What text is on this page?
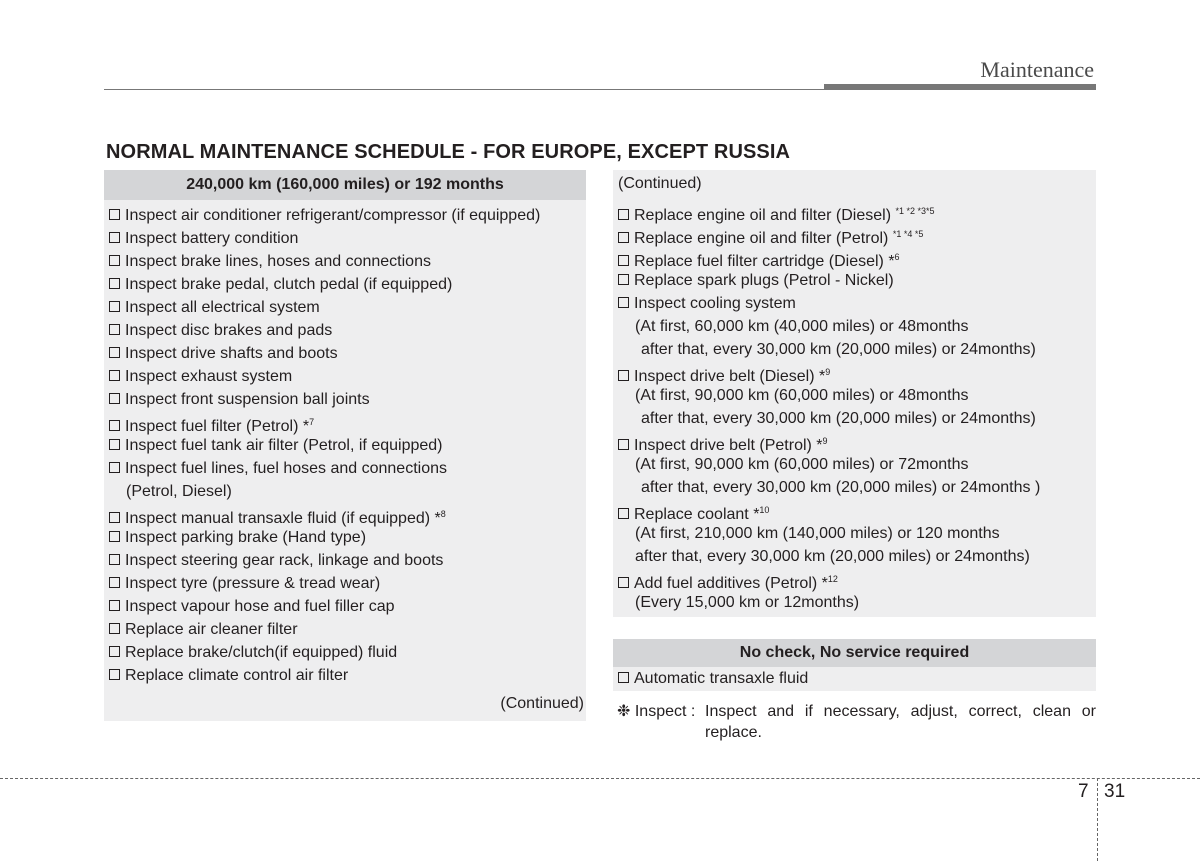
Maintenance
NORMAL MAINTENANCE SCHEDULE - FOR EUROPE, EXCEPT RUSSIA
240,000 km (160,000 miles) or 192 months
Inspect air conditioner refrigerant/compressor (if equipped)
Inspect battery condition
Inspect brake lines, hoses and connections
Inspect brake pedal, clutch pedal (if equipped)
Inspect all electrical system
Inspect disc brakes and pads
Inspect drive shafts and boots
Inspect exhaust system
Inspect front suspension ball joints
Inspect fuel filter (Petrol) *$^7$
Inspect fuel tank air filter (Petrol, if equipped)
Inspect fuel lines, fuel hoses and connections
(Petrol, Diesel)
Inspect manual transaxle fluid (if equipped) *$^8$
Inspect parking brake (Hand type)
Inspect steering gear rack, linkage and boots
Inspect tyre (pressure & tread wear)
Inspect vapour hose and fuel filler cap
Replace air cleaner filter
Replace brake/clutch(if equipped) fluid
Replace climate control air filter
(Continued)
(Continued)
Replace engine oil and filter (Diesel) $^{*1 *2 *3*5}$
Replace engine oil and filter (Petrol) $^{*1 *4 *5}$
Replace fuel filter cartridge (Diesel) *$^6$
Replace spark plugs (Petrol - Nickel)
Inspect cooling system
(At first, 60,000 km (40,000 miles) or 48months
after that, every 30,000 km (20,000 miles) or 24months)
Inspect drive belt (Diesel) *$^9$
(At first, 90,000 km (60,000 miles) or 48months
after that, every 30,000 km (20,000 miles) or 24months)
Inspect drive belt (Petrol) *$^9$
(At first, 90,000 km (60,000 miles) or 72months
after that, every 30,000 km (20,000 miles) or 24months )
Replace coolant *$^{10}$
(At first, 210,000 km (140,000 miles) or 120 months
after that, every 30,000 km (20,000 miles) or 24months)
Add fuel additives (Petrol) *$^{12}$
(Every 15,000 km or 12months)
No check, No service required
Automatic transaxle fluid
❉ Inspect : Inspect and if necessary, adjust, correct, clean or replace.
7 31
